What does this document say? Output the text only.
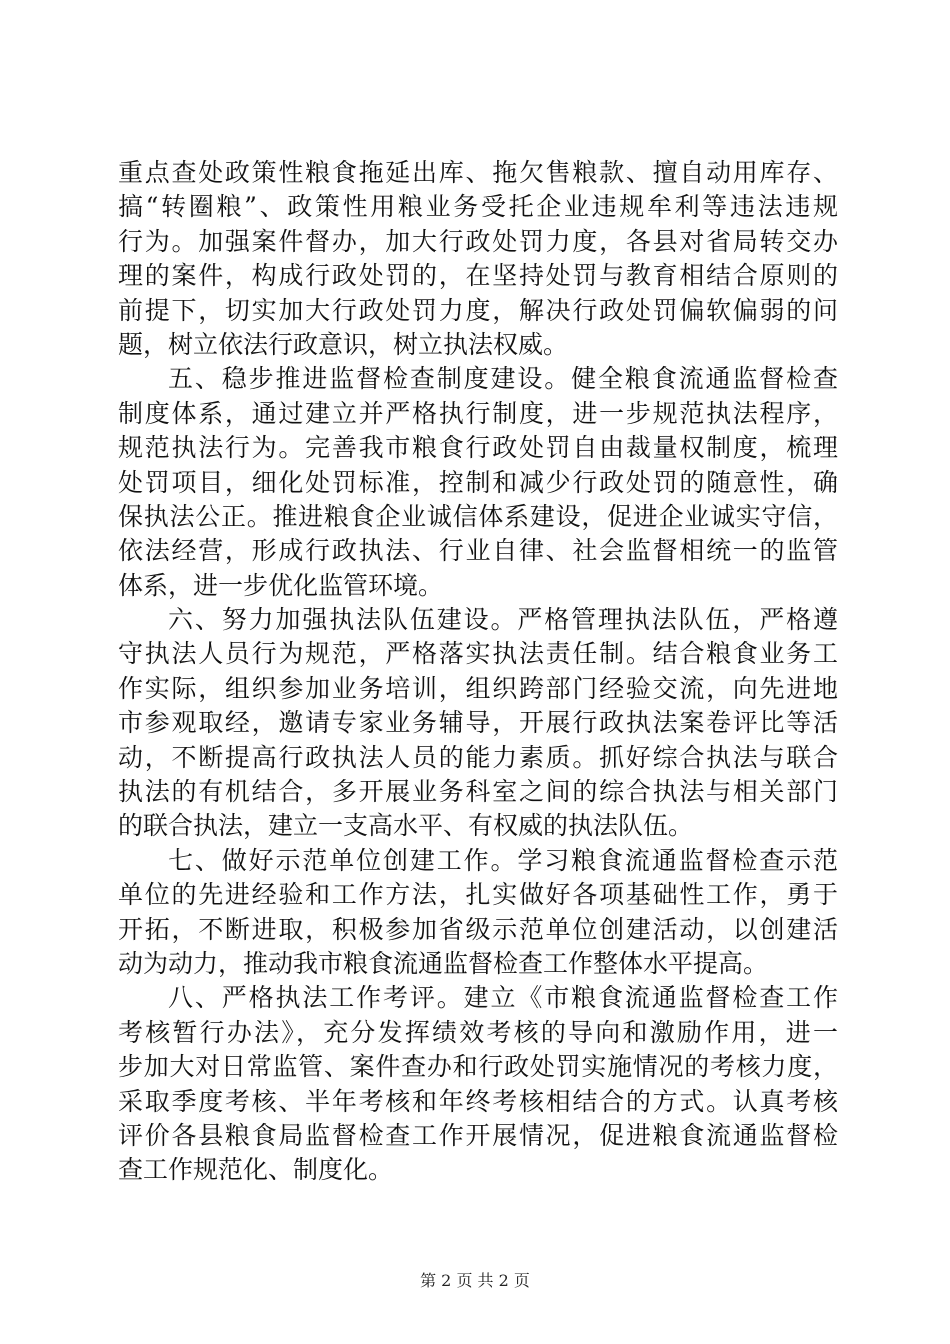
重点查处政策性粮食拖延出库、拖欠售粮款、擅自动用库存、
搞“转圈粮”、政策性用粮业务受托企业违规牟利等违法违规
行为。加强案件督办，加大行政处罚力度，各县对省局转交办
理的案件，构成行政处罚的，在坚持处罚与教育相结合原则的
前提下，切实加大行政处罚力度，解决行政处罚偏软偏弱的问
题，树立依法行政意识，树立执法权威。
五、稳步推进监督检查制度建设。健全粮食流通监督检查
制度体系，通过建立并严格执行制度，进一步规范执法程序，
规范执法行为。完善我市粮食行政处罚自由裁量权制度，梳理
处罚项目，细化处罚标准，控制和减少行政处罚的随意性，确
保执法公正。推进粮食企业诚信体系建设，促进企业诚实守信，
依法经营，形成行政执法、行业自律、社会监督相统一的监管
体系，进一步优化监管环境。
六、努力加强执法队伍建设。严格管理执法队伍，严格遵
守执法人员行为规范，严格落实执法责任制。结合粮食业务工
作实际，组织参加业务培训，组织跨部门经验交流，向先进地
市参观取经，邀请专家业务辅导，开展行政执法案卷评比等活
动，不断提高行政执法人员的能力素质。抓好综合执法与联合
执法的有机结合，多开展业务科室之间的综合执法与相关部门
的联合执法，建立一支高水平、有权威的执法队伍。
七、做好示范单位创建工作。学习粮食流通监督检查示范
单位的先进经验和工作方法，扎实做好各项基础性工作，勇于
开拓，不断进取，积极参加省级示范单位创建活动，以创建活
动为动力，推动我市粮食流通监督检查工作整体水平提高。
八、严格执法工作考评。建立《市粮食流通监督检查工作
考核暂行办法》，充分发挥绩效考核的导向和激励作用，进一
步加大对日常监管、案件查办和行政处罚实施情况的考核力度，
采取季度考核、半年考核和年终考核相结合的方式。认真考核
评价各县粮食局监督检查工作开展情况，促进粮食流通监督检
查工作规范化、制度化。
第 2 页 共 2 页
